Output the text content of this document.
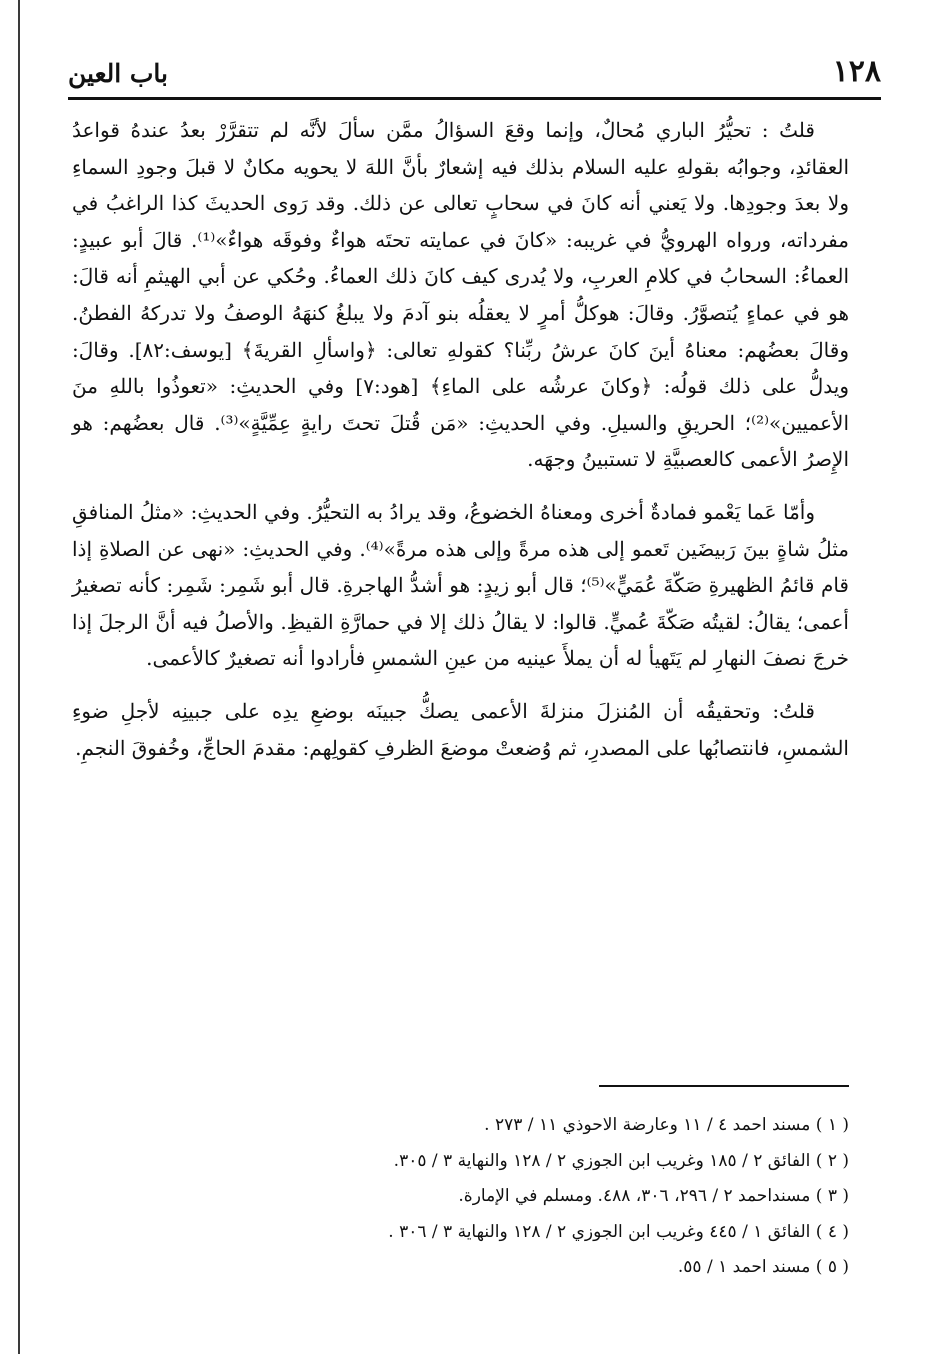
١٢٨
باب العين

قلتُ : تحيُّرُ الباري مُحالٌ، وإنما وقعَ السؤالُ ممَّن سألَ لأنَّه لم تتقرَّرْ بعدُ عندهُ قواعدُ العقائدِ، وجوابُه بقولهِ عليه السلام بذلك فيه إشعارٌ بأنَّ اللهَ لا يحويه مكانٌ لا قبلَ وجودِ السماءِ ولا بعدَ وجودِها. ولا يَعني أنه كانَ في سحابٍ تعالى عن ذلك. وقد رَوى الحديثَ كذا الراغبُ في مفرداته، ورواه الهرويُّ في غريبه: «كانَ في عمايته تحتَه هواءٌ وفوقَه هواءٌ»⁽¹⁾. قالَ أبو عبيدٍ: العماءُ: السحابُ في كلامِ العربِ، ولا يُدرى كيف كانَ ذلك العماءُ. وحُكي عن أبي الهيثمِ أنه قالَ: هو في عماءٍ يُتصوَّرُ. وقالَ: هوكلُّ أمرٍ لا يعقلُه بنو آدمَ ولا يبلغُ كنهَهُ الوصفُ ولا تدركهُ الفطنُ. وقالَ بعضُهم: معناهُ أينَ كانَ عرشُ ربِّنا؟ كقولهِ تعالى: ﴿واسألِ القريةَ﴾ [يوسف:٨٢]. وقالَ: ويدلُّ على ذلك قولُه: ﴿وكانَ عرشُه على الماءِ﴾ [هود:٧] وفي الحديثِ: «تعوذُوا باللهِ منَ الأعميين»⁽²⁾؛ الحريقِ والسيلِ. وفي الحديثِ: «مَن قُتلَ تحتَ رايةٍ عِمِّيَّةٍ»⁽³⁾. قال بعضُهم: هو الإِصرُ الأعمى كالعصبيَّةِ لا تستبينُ وجهَه.

وأمّا عَما يَعْمو فمادةٌ أخرى ومعناهُ الخضوعُ، وقد يرادُ به التحيُّرُ. وفي الحديثِ: «مثلُ المنافقِ مثلُ شاةٍ بينَ رَبيضَين تَعمو إلى هذه مرةً وإلى هذه مرةً»⁽⁴⁾. وفي الحديثِ: «نهى عن الصلاةِ إذا قام قائمُ الظهيرةِ صَكّةَ عُمَيٍّ»⁽⁵⁾؛ قال أبو زيدٍ: هو أشدُّ الهاجرةِ. قال أبو شَمِر: شَمِر: كأنه تصغيرُ أعمى؛ يقالُ: لقيتُه صَكّةَ عُميٍّ. قالوا: لا يقالُ ذلك إلا في حمارَّةِ القيظِ. والأصلُ فيه أنَّ الرجلَ إذا خرجَ نصفَ النهارِ لم يَتَهيأ له أن يملأَ عينيه من عينِ الشمسِ فأرادوا أنه تصغيرٌ كالأعمى.

قلتُ: وتحقيقُه أن المُنزلَ منزلةَ الأعمى يصكُّ جبينَه بوضعِ يدِه على جبينِه لأجلِ ضوءِ الشمسِ، فانتصابُها على المصدرِ، ثم وُضعتْ موضعَ الظرفِ كقولِهم: مقدمَ الحاجِّ، وخُفوقَ النجمِ.

( ١ ) مسند احمد ٤ / ١١ وعارضة الاحوذي ١١ / ٢٧٣ .

( ٢ ) الفائق ٢ / ١٨٥ وغريب ابن الجوزي ٢ / ١٢٨ والنهاية ٣ / ٣٠٥.

( ٣ ) مسنداحمد ٢ / ٢٩٦، ٣٠٦، ٤٨٨. ومسلم في الإمارة.

( ٤ ) الفائق ١ / ٤٤٥ وغريب ابن الجوزي ٢ / ١٢٨ والنهاية ٣ / ٣٠٦ .

( ٥ ) مسند احمد ١ / ٥٥.
